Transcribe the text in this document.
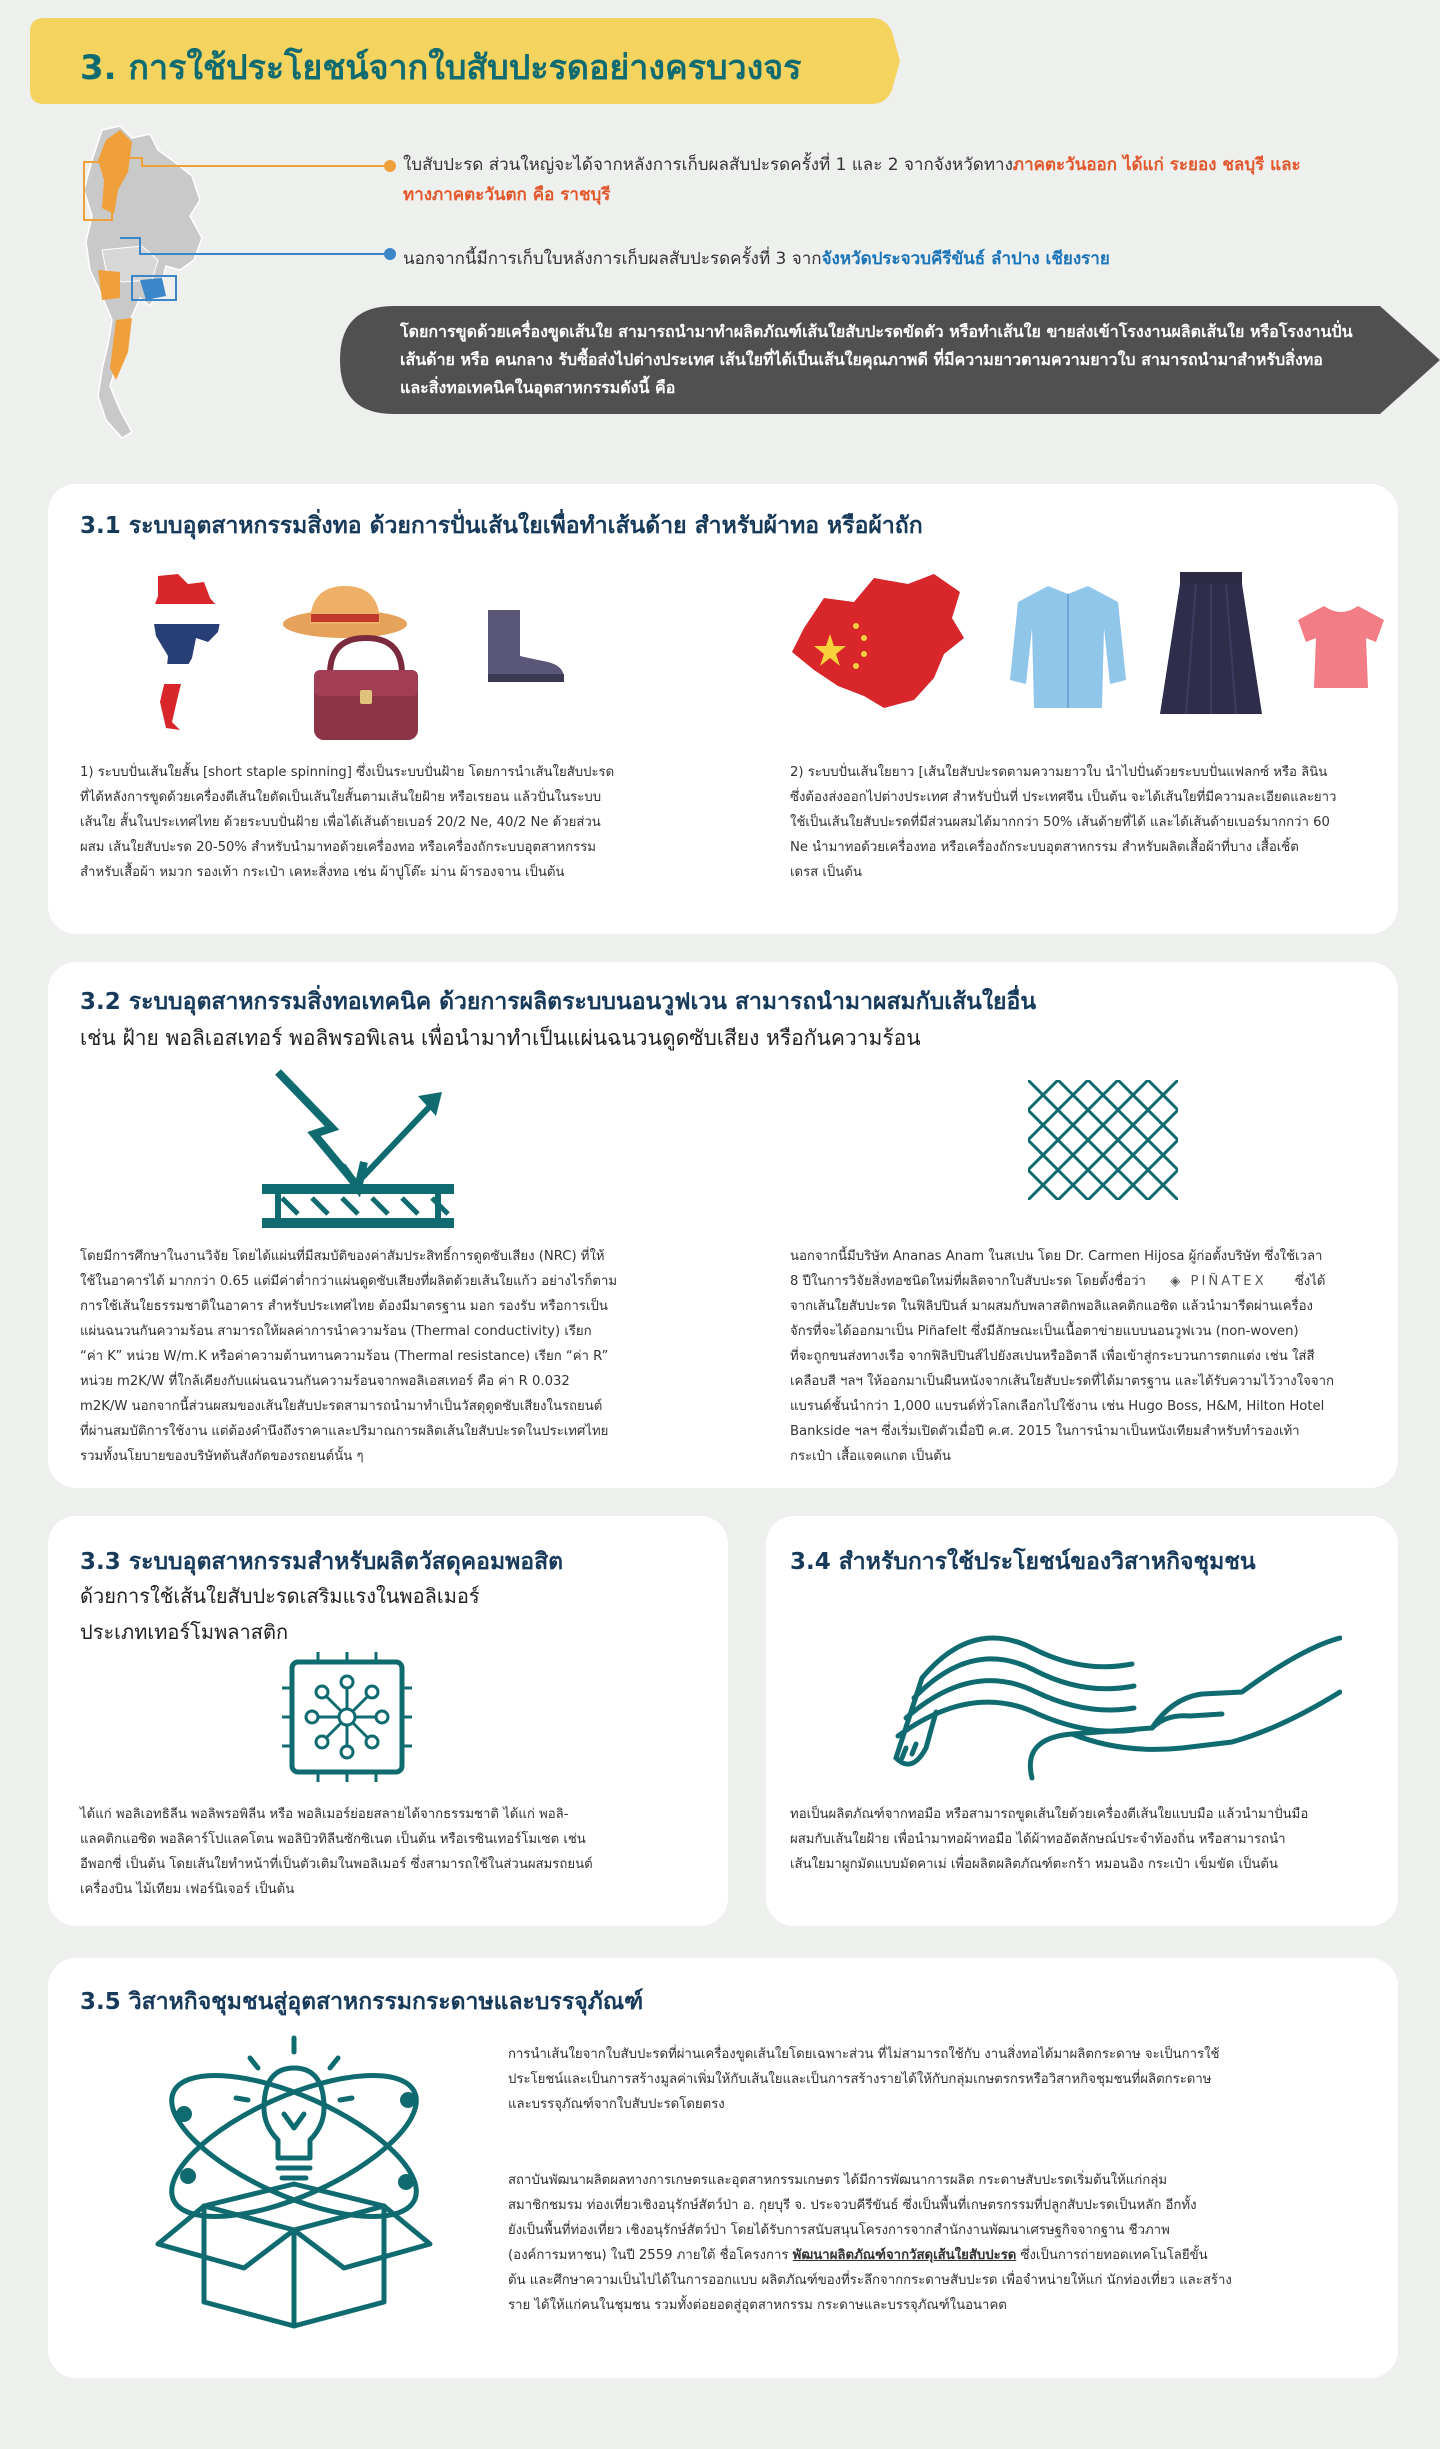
3. การใช้ประโยชน์จากใบสับปะรดอย่างครบวงจร
ใบสับปะรด ส่วนใหญ่จะได้จากหลังการเก็บผลสับปะรดครั้งที่ 1 และ 2 จากจังหวัดทางภาคตะวันออก ได้แก่ ระยอง ชลบุรี และ
ทางภาคตะวันตก คือ ราชบุรี
นอกจากนี้มีการเก็บใบหลังการเก็บผลสับปะรดครั้งที่ 3 จากจังหวัดประจวบคีรีขันธ์ ลำปาง เชียงราย
โดยการขูดด้วยเครื่องขูดเส้นใย สามารถนำมาทำผลิตภัณฑ์เส้นใยสับปะรดขัดตัว หรือทำเส้นใย ขายส่งเข้าโรงงานผลิตเส้นใย หรือโรงงานปั่น
เส้นด้าย หรือ คนกลาง รับซื้อส่งไปต่างประเทศ เส้นใยที่ได้เป็นเส้นใยคุณภาพดี ที่มีความยาวตามความยาวใบ สามารถนำมาสำหรับสิ่งทอ
และสิ่งทอเทคนิคในอุตสาหกรรมดังนี้ คือ
3.1 ระบบอุตสาหกรรมสิ่งทอ ด้วยการปั่นเส้นใยเพื่อทำเส้นด้าย สำหรับผ้าทอ หรือผ้าถัก
1) ระบบปั่นเส้นใยสั้น [short staple spinning] ซึ่งเป็นระบบปั่นฝ้าย โดยการนำเส้นใยสับปะรด
ที่ได้หลังการขูดด้วยเครื่องตีเส้นใยตัดเป็นเส้นใยสั้นตามเส้นใยฝ้าย หรือเรยอน แล้วปั่นในระบบ
เส้นใย สั้นในประเทศไทย ด้วยระบบปั่นฝ้าย เพื่อได้เส้นด้ายเบอร์ 20/2 Ne, 40/2 Ne ด้วยส่วน
ผสม เส้นใยสับปะรด 20-50% สำหรับนำมาทอด้วยเครื่องทอ หรือเครื่องถักระบบอุตสาหกรรม
สำหรับเสื้อผ้า หมวก รองเท้า กระเป๋า เคหะสิ่งทอ เช่น ผ้าปูโต๊ะ ม่าน ผ้ารองจาน เป็นต้น
2) ระบบปั่นเส้นใยยาว [เส้นใยสับปะรดตามความยาวใบ นำไปปั่นด้วยระบบปั่นแฟลกซ์ หรือ ลินิน
ซึ่งต้องส่งออกไปต่างประเทศ สำหรับปั่นที่ ประเทศจีน เป็นต้น จะได้เส้นใยที่มีความละเอียดและยาว
ใช้เป็นเส้นใยสับปะรดที่มีส่วนผสมได้มากกว่า 50% เส้นด้ายที่ได้ และได้เส้นด้ายเบอร์มากกว่า 60
Ne นำมาทอด้วยเครื่องทอ หรือเครื่องถักระบบอุตสาหกรรม สำหรับผลิตเสื้อผ้าที่บาง เสื้อเชิ้ต
เดรส เป็นต้น
3.2 ระบบอุตสาหกรรมสิ่งทอเทคนิค ด้วยการผลิตระบบนอนวูฟเวน สามารถนำมาผสมกับเส้นใยอื่น
เช่น ฝ้าย พอลิเอสเทอร์ พอลิพรอพิเลน เพื่อนำมาทำเป็นแผ่นฉนวนดูดซับเสียง หรือกันความร้อน
โดยมีการศึกษาในงานวิจัย โดยได้แผ่นที่มีสมบัติของค่าสัมประสิทธิ์การดูดซับเสียง (NRC) ที่ให้
ใช้ในอาคารได้ มากกว่า 0.65 แต่มีค่าต่ำกว่าแผ่นดูดซับเสียงที่ผลิตด้วยเส้นใยแก้ว อย่างไรก็ตาม
การใช้เส้นใยธรรมชาติในอาคาร สำหรับประเทศไทย ต้องมีมาตรฐาน มอก รองรับ หรือการเป็น
แผ่นฉนวนกันความร้อน สามารถให้ผลค่าการนำความร้อน (Thermal conductivity) เรียก
“ค่า K” หน่วย W/m.K หรือค่าความต้านทานความร้อน (Thermal resistance) เรียก “ค่า R”
หน่วย m2K/W ที่ใกล้เคียงกับแผ่นฉนวนกันความร้อนจากพอลิเอสเทอร์ คือ ค่า R 0.032
m2K/W นอกจากนี้ส่วนผสมของเส้นใยสับปะรดสามารถนำมาทำเป็นวัสดุดูดซับเสียงในรถยนต์
ที่ผ่านสมบัติการใช้งาน แต่ต้องคำนึงถึงราคาและปริมาณการผลิตเส้นใยสับปะรดในประเทศไทย
รวมทั้งนโยบายของบริษัทต้นสังกัดของรถยนต์นั้น ๆ
นอกจากนี้มีบริษัท Ananas Anam ในสเปน โดย Dr. Carmen Hijosa ผู้ก่อตั้งบริษัท ซึ่งใช้เวลา
8 ปีในการวิจัยสิ่งทอชนิดใหม่ที่ผลิตจากใบสับปะรด โดยตั้งชื่อว่า ◈ PIÑATEX ซึ่งได้
จากเส้นใยสับปะรด ในฟิลิปปินส์ มาผสมกับพลาสติกพอลิแลคติกแอซิด แล้วนำมารีดผ่านเครื่อง
จักรที่จะได้ออกมาเป็น Piñafelt ซึ่งมีลักษณะเป็นเนื้อตาข่ายแบบนอนวูฟเวน (non-woven)
ที่จะถูกขนส่งทางเรือ จากฟิลิปปินส์ไปยังสเปนหรืออิตาลี เพื่อเข้าสู่กระบวนการตกแต่ง เช่น ใส่สี
เคลือบสี ฯลฯ ให้ออกมาเป็นผืนหนังจากเส้นใยสับปะรดที่ได้มาตรฐาน และได้รับความไว้วางใจจาก
แบรนด์ชั้นนำกว่า 1,000 แบรนด์ทั่วโลกเลือกไปใช้งาน เช่น Hugo Boss, H&M, Hilton Hotel
Bankside ฯลฯ ซึ่งเริ่มเปิดตัวเมื่อปี ค.ศ. 2015 ในการนำมาเป็นหนังเทียมสำหรับทำรองเท้า
กระเป๋า เสื้อแจคแกต เป็นต้น
3.3 ระบบอุตสาหกรรมสำหรับผลิตวัสดุคอมพอสิต
ด้วยการใช้เส้นใยสับปะรดเสริมแรงในพอลิเมอร์
ประเภทเทอร์โมพลาสติก
ได้แก่ พอลิเอทธิลีน พอลิพรอพิลีน หรือ พอลิเมอร์ย่อยสลายได้จากธรรมชาติ ได้แก่ พอลิ-
แลคติกแอซิด พอลิคาร์โปแลคโตน พอลิบิวทิลีนซักซิเนต เป็นต้น หรือเรซินเทอร์โมเซต เช่น
อีพอกซี่ เป็นต้น โดยเส้นใยทำหน้าที่เป็นตัวเติมในพอลิเมอร์ ซึ่งสามารถใช้ในส่วนผสมรถยนต์
เครื่องบิน ไม้เทียม เฟอร์นิเจอร์ เป็นต้น
3.4 สำหรับการใช้ประโยชน์ของวิสาหกิจชุมชน
ทอเป็นผลิตภัณฑ์จากทอมือ หรือสามารถขูดเส้นใยด้วยเครื่องตีเส้นใยแบบมือ แล้วนำมาปั่นมือ
ผสมกับเส้นใยฝ้าย เพื่อนำมาทอผ้าทอมือ ได้ผ้าทออัตลักษณ์ประจำท้องถิ่น หรือสามารถนำ
เส้นใยมาผูกมัดแบบมัดคาเม่ เพื่อผลิตผลิตภัณฑ์ตะกร้า หมอนอิง กระเป๋า เข็มขัด เป็นต้น
3.5 วิสาหกิจชุมชนสู่อุตสาหกรรมกระดาษและบรรจุภัณฑ์
การนำเส้นใยจากใบสับปะรดที่ผ่านเครื่องขูดเส้นใยโดยเฉพาะส่วน ที่ไม่สามารถใช้กับ งานสิ่งทอได้มาผลิตกระดาษ จะเป็นการใช้
ประโยชน์และเป็นการสร้างมูลค่าเพิ่มให้กับเส้นใยและเป็นการสร้างรายได้ให้กับกลุ่มเกษตรกรหรือวิสาหกิจชุมชนที่ผลิตกระดาษ
และบรรจุภัณฑ์จากใบสับปะรดโดยตรง
สถาบันพัฒนาผลิตผลทางการเกษตรและอุตสาหกรรมเกษตร ได้มีการพัฒนาการผลิต กระดาษสับปะรดเริ่มต้นให้แก่กลุ่ม
สมาชิกชมรม ท่องเที่ยวเชิงอนุรักษ์สัตว์ป่า อ. กุยบุรี จ. ประจวบคีรีขันธ์ ซึ่งเป็นพื้นที่เกษตรกรรมที่ปลูกสับปะรดเป็นหลัก อีกทั้ง
ยังเป็นพื้นที่ท่องเที่ยว เชิงอนุรักษ์สัตว์ป่า โดยได้รับการสนับสนุนโครงการจากสำนักงานพัฒนาเศรษฐกิจจากฐาน ชีวภาพ
(องค์การมหาชน) ในปี 2559 ภายใต้ ชื่อโครงการ พัฒนาผลิตภัณฑ์จากวัสดุเส้นใยสับปะรด ซึ่งเป็นการถ่ายทอดเทคโนโลยีขั้น
ต้น และศึกษาความเป็นไปได้ในการออกแบบ ผลิตภัณฑ์ของที่ระลึกจากกระดาษสับปะรด เพื่อจำหน่ายให้แก่ นักท่องเที่ยว และสร้าง
ราย ได้ให้แก่คนในชุมชน รวมทั้งต่อยอดสู่อุตสาหกรรม กระดาษและบรรจุภัณฑ์ในอนาคต
